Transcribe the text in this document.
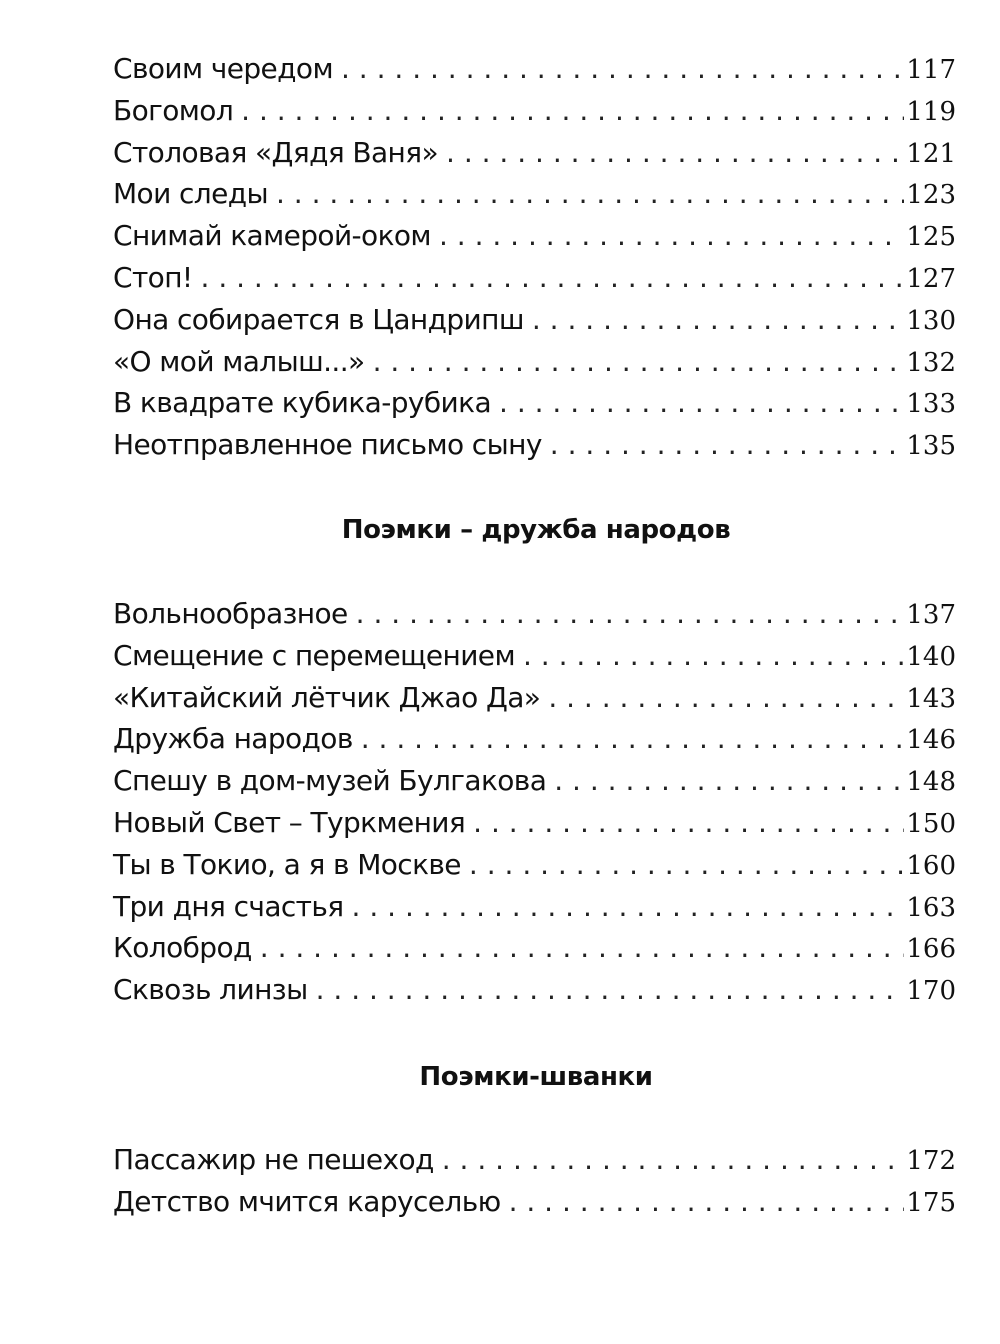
Своим чередом . . .	117
Богомол . . .	119
Столовая «Дядя Ваня» . . .	121
Мои следы . . .	123
Снимай камерой-оком . . .	125
Стоп! . . .	127
Она собирается в Цандрипш . . .	130
«О мой малыш...» . . .	132
В квадрате кубика-рубика . . .	133
Неотправленное письмо сыну . . .	135
Поэмки – дружба народов
Вольнообразное . . .	137
Смещение с перемещением . . .	140
«Китайский лётчик Джао Да» . . .	143
Дружба народов . . .	146
Спешу в дом-музей Булгакова . . .	148
Новый Свет – Туркмения . . .	150
Ты в Токио, а я в Москве . . .	160
Три дня счастья . . .	163
Колоброд . . .	166
Сквозь линзы . . .	170
Поэмки-шванки
Пассажир не пешеход . . .	172
Детство мчится каруселью . . .	175
